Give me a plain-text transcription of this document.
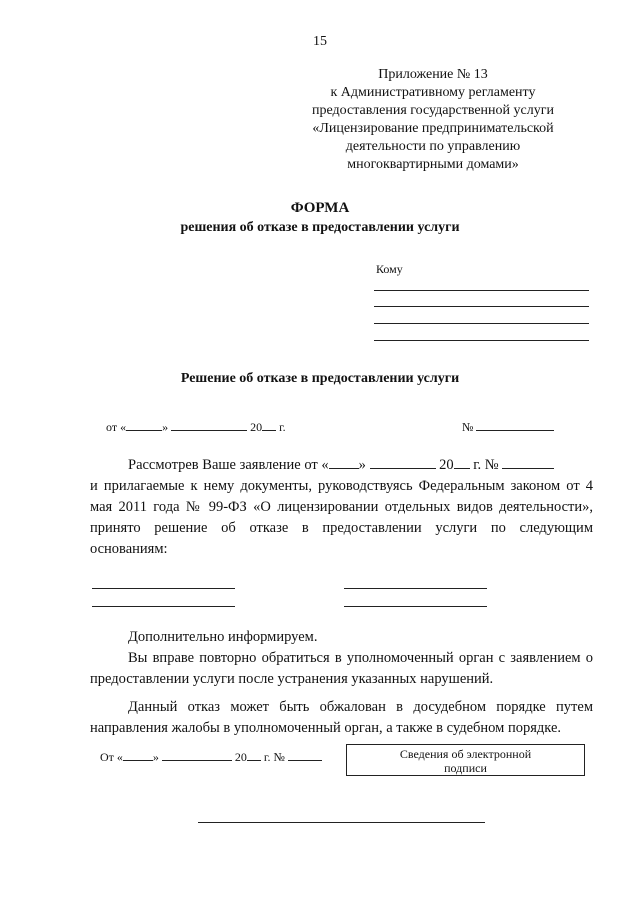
15
Приложение № 13
к Административному регламенту
предоставления государственной услуги
«Лицензирование предпринимательской
деятельности по управлению
многоквартирными домами»
ФОРМА
решения об отказе в предоставлении услуги
Кому
Решение об отказе в предоставлении услуги
от «	»	20 г.	№
Рассмотрев Ваше заявление от « »	20 г. №
и прилагаемые к нему документы, руководствуясь Федеральным законом от 4 мая 2011 года № 99-ФЗ «О лицензировании отдельных видов деятельности», принято решение об отказе в предоставлении услуги по следующим основаниям:
Дополнительно информируем.
Вы вправе повторно обратиться в уполномоченный орган с заявлением о предоставлении услуги после устранения указанных нарушений.
Данный отказ может быть обжалован в досудебном порядке путем направления жалобы в уполномоченный орган, а также в судебном порядке.
От «	»	20 г. №	Сведения об электронной
подписи
